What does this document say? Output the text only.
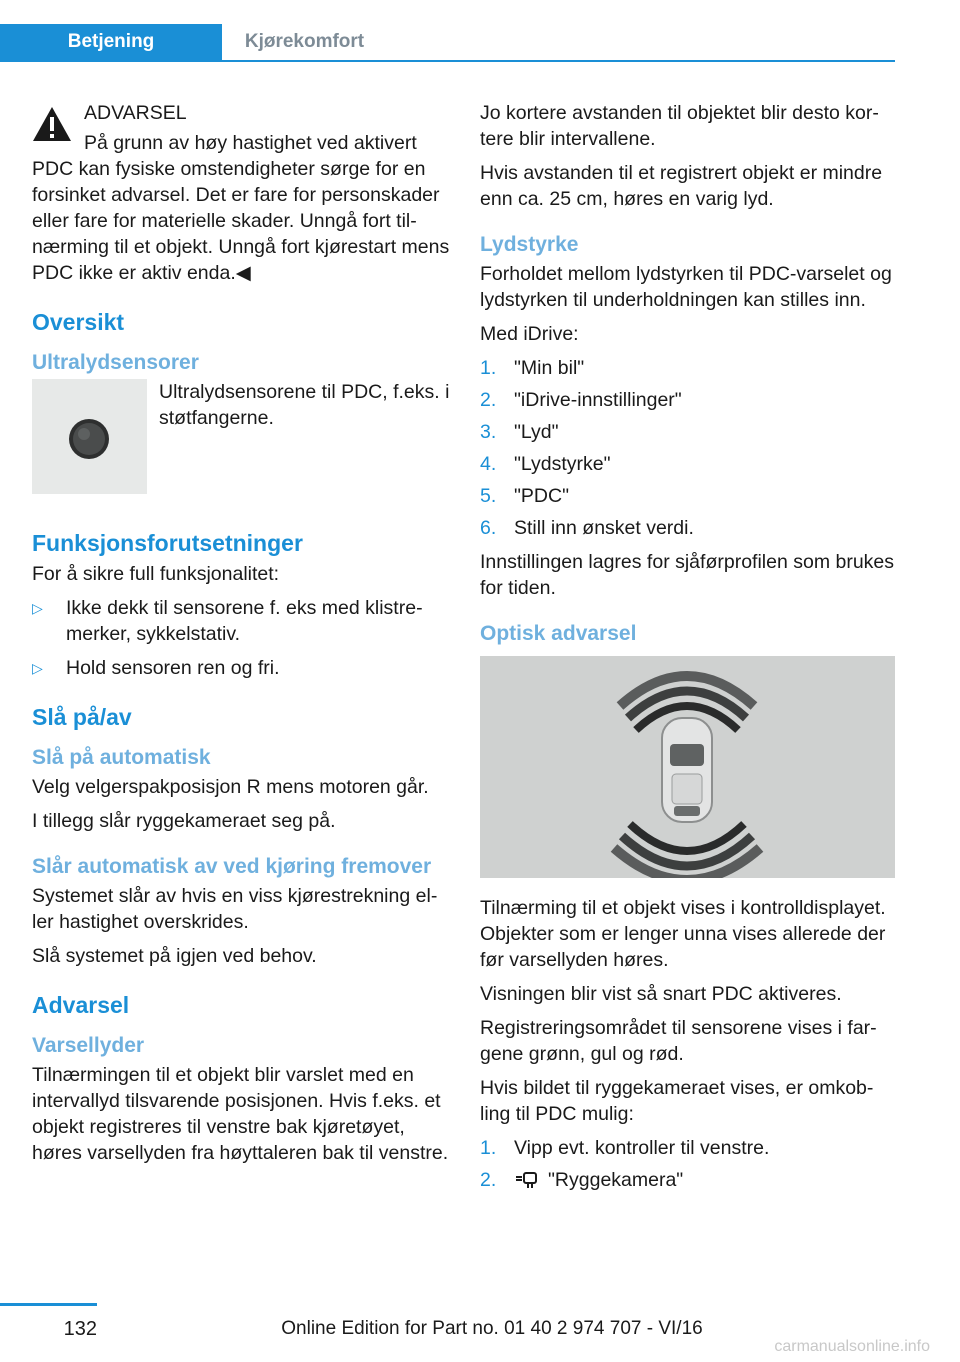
Betjening	Kjørekomfort

ADVARSEL

På grunn av høy hastighet ved aktivert

PDC kan fysiske omstendigheter sørge for en forsinket advarsel. Det er fare for personskader eller fare for materielle skader. Unngå fort tilnærming til et objekt. Unngå fort kjørestart mens PDC ikke er aktiv enda.◀

Oversikt
Ultralydsensorer

Ultralydsensorene til PDC, f.eks. i støtfangerne.

Funksjonsforutsetninger

For å sikre full funksjonalitet:

▷ Ikke dekk til sensorene f. eks med klistremerker, sykkelstativ.
▷ Hold sensoren ren og fri.
Slå på/av
Slå på automatisk

Velg velgerspakposisjon R mens motoren går.

I tillegg slår ryggekameraet seg på.

Slår automatisk av ved kjøring fremover

Systemet slår av hvis en viss kjørestrekning eller hastighet overskrides.

Slå systemet på igjen ved behov.

Advarsel
Varsellyder

Tilnærmingen til et objekt blir varslet med en intervallyd tilsvarende posisjonen. Hvis f.eks. et objekt registreres til venstre bak kjøretøyet, høres varsellyden fra høyttaleren bak til venstre.

Jo kortere avstanden til objektet blir desto kortere blir intervallene.

Hvis avstanden til et registrert objekt er mindre enn ca. 25 cm, høres en varig lyd.

Lydstyrke

Forholdet mellom lydstyrken til PDC-varselet og lydstyrken til underholdningen kan stilles inn.

Med iDrive:

1. "Min bil"
2. "iDrive-innstillinger"
3. "Lyd"
4. "Lydstyrke"
5. "PDC"
6. Still inn ønsket verdi.

Innstillingen lagres for sjåførprofilen som brukes for tiden.

Optisk advarsel

Tilnærming til et objekt vises i kontrolldisplayet. Objekter som er lenger unna vises allerede der før varsellyden høres.

Visningen blir vist så snart PDC aktiveres.

Registreringsområdet til sensorene vises i fargene grønn, gul og rød.

Hvis bildet til ryggekameraet vises, er omkobling til PDC mulig:

1. Vipp evt. kontroller til venstre.
2.	"Ryggekamera"
132	Online Edition for Part no. 01 40 2 974 707 - VI/16
carmanualsonline.info
